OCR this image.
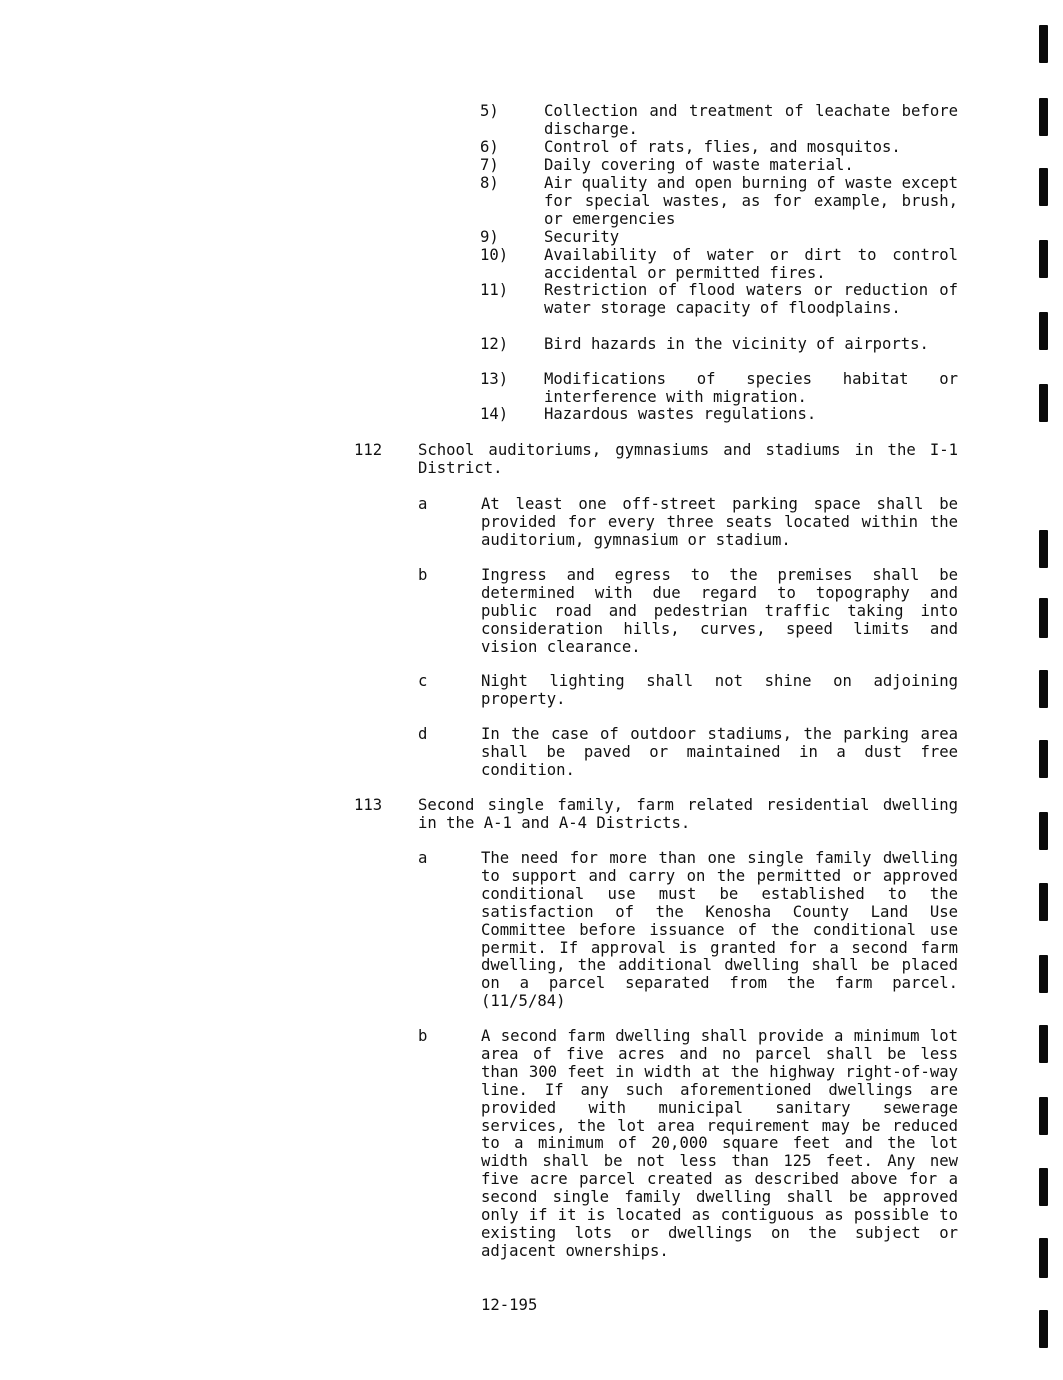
5)	Collection and treatment of leachate before discharge.
6)	Control of rats, flies, and mosquitos.
7)	Daily covering of waste material.
8)	Air quality and open burning of waste except for special wastes, as for example, brush, or emergencies
9)	Security
10) Availability of water or dirt to control accidental or permitted fires.
11) Restriction of flood waters or reduction of water storage capacity of floodplains.
12) Bird hazards in the vicinity of airports.
13) Modifications of species habitat or interference with migration.
14) Hazardous wastes regulations.
112 School auditoriums, gymnasiums and stadiums in the I-1 District.
a	At least one off-street parking space shall be provided for every three seats located within the auditorium, gymnasium or stadium.
b	Ingress and egress to the premises shall be determined with due regard to topography and public road and pedestrian traffic taking into consideration hills, curves, speed limits and vision clearance.
c	Night lighting shall not shine on adjoining property.
d	In the case of outdoor stadiums, the parking area shall be paved or maintained in a dust free condition.
113 Second single family, farm related residential dwelling in the A-1 and A-4 Districts.
a	The need for more than one single family dwelling to support and carry on the permitted or approved conditional use must be established to the satisfaction of the Kenosha County Land Use Committee before issuance of the conditional use permit. If approval is granted for a second farm dwelling, the additional dwelling shall be placed on a parcel separated from the farm parcel. (11/5/84)
b	A second farm dwelling shall provide a minimum lot area of five acres and no parcel shall be less than 300 feet in width at the highway right-of-way line. If any such aforementioned dwellings are provided with municipal sanitary sewerage services, the lot area requirement may be reduced to a minimum of 20,000 square feet and the lot width shall be not less than 125 feet. Any new five acre parcel created as described above for a second single family dwelling shall be approved only if it is located as contiguous as possible to existing lots or dwellings on the subject or adjacent ownerships.
12-195
